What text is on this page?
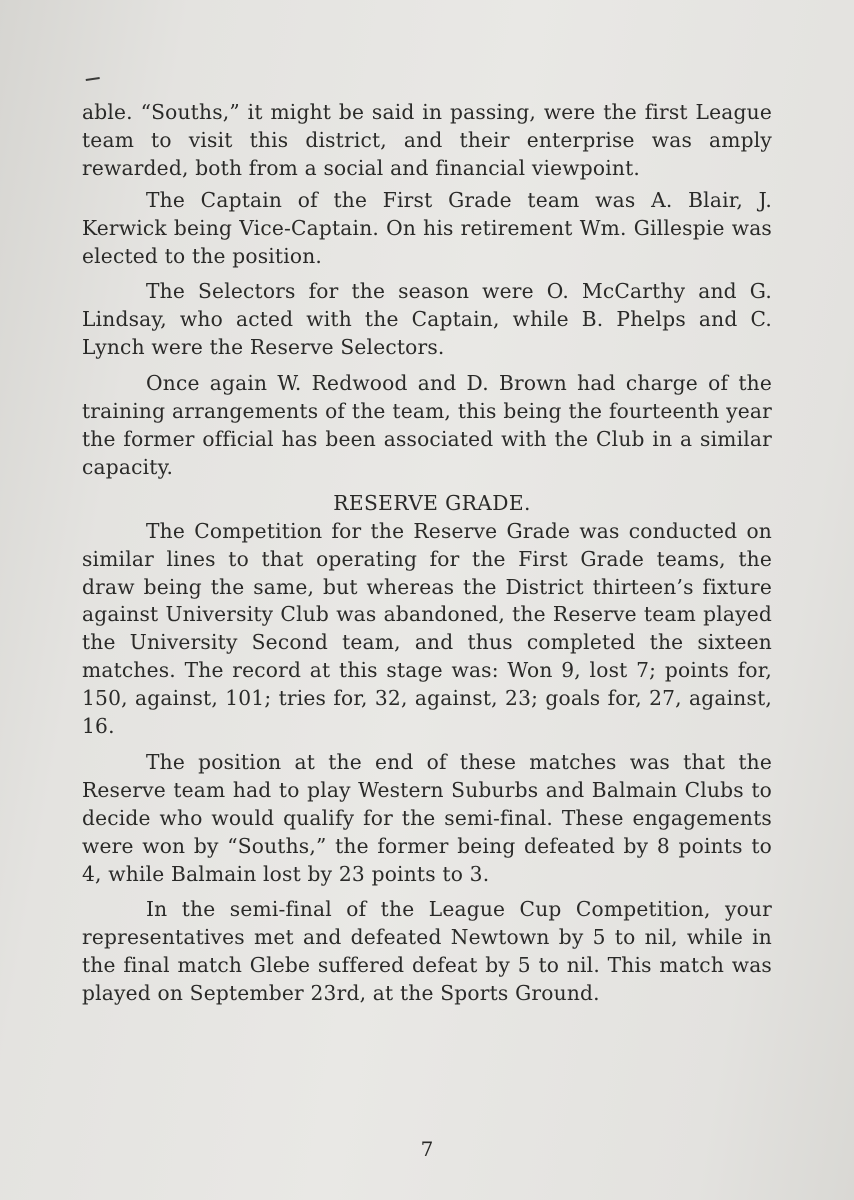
able. “Souths,” it might be said in passing, were the first League team to visit this district, and their enterprise was amply rewarded, both from a social and financial viewpoint.

The Captain of the First Grade team was A. Blair, J. Kerwick being Vice-Captain. On his retirement Wm. Gillespie was elected to the position.

The Selectors for the season were O. McCarthy and G. Lindsay, who acted with the Captain, while B. Phelps and C. Lynch were the Reserve Selectors.

Once again W. Redwood and D. Brown had charge of the training arrangements of the team, this being the fourteenth year the former official has been associated with the Club in a similar capacity.

RESERVE GRADE.

The Competition for the Reserve Grade was conducted on similar lines to that operating for the First Grade teams, the draw being the same, but whereas the District thirteen’s fixture against University Club was abandoned, the Reserve team played the University Second team, and thus completed the sixteen matches. The record at this stage was: Won 9, lost 7; points for, 150, against, 101; tries for, 32, against, 23; goals for, 27, against, 16.

The position at the end of these matches was that the Reserve team had to play Western Suburbs and Balmain Clubs to decide who would qualify for the semi-final. These engagements were won by “Souths,” the former being defeated by 8 points to 4, while Balmain lost by 23 points to 3.

In the semi-final of the League Cup Competition, your representatives met and defeated Newtown by 5 to nil, while in the final match Glebe suffered defeat by 5 to nil. This match was played on September 23rd, at the Sports Ground.

7
